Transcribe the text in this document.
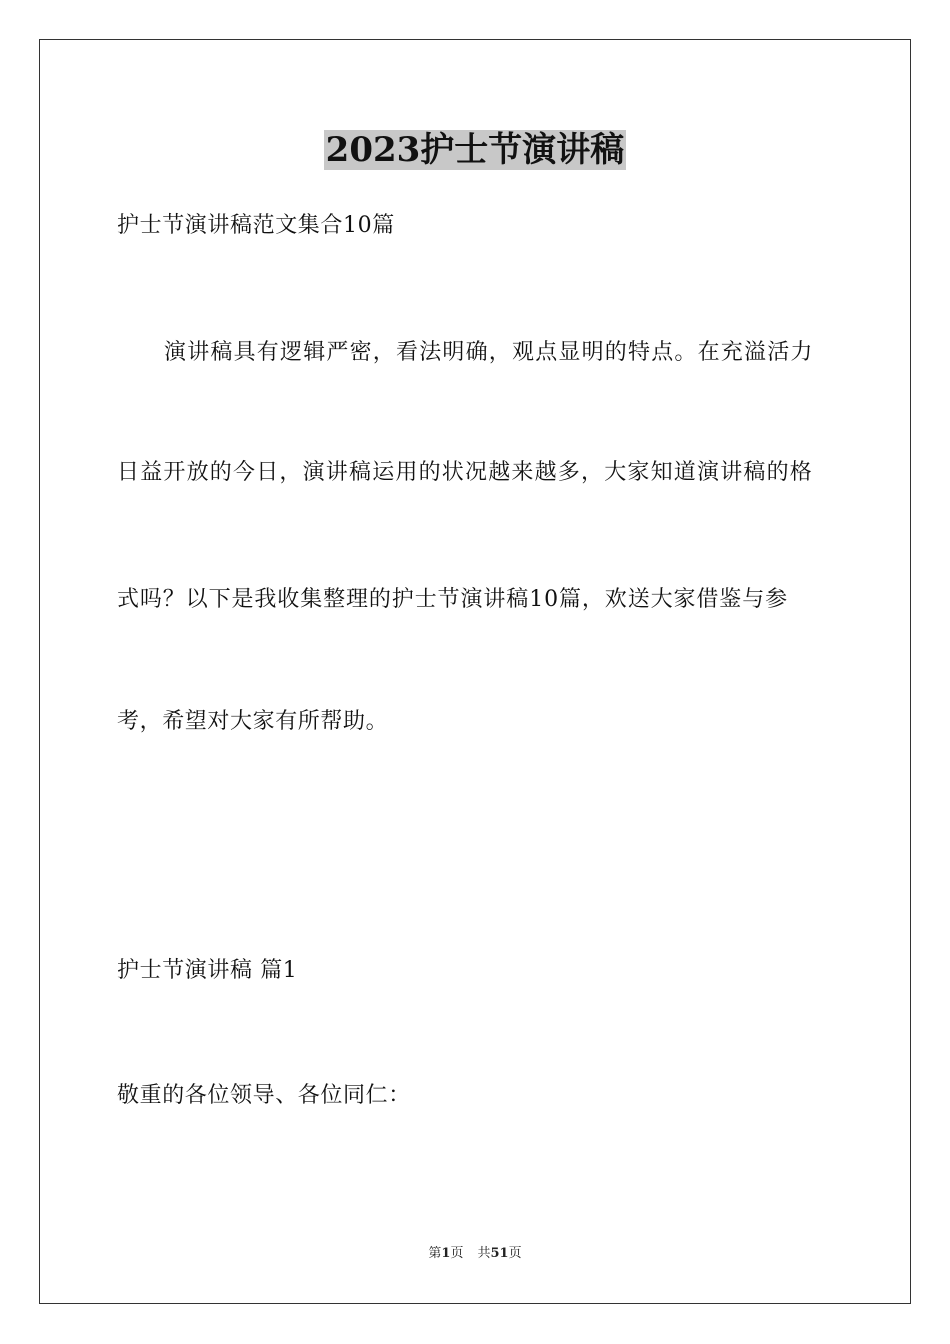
2023护士节演讲稿
护士节演讲稿范文集合10篇
演讲稿具有逻辑严密，看法明确，观点显明的特点。在充溢活力
日益开放的今日，演讲稿运用的状况越来越多，大家知道演讲稿的格
式吗？以下是我收集整理的护士节演讲稿10篇，欢送大家借鉴与参
考，希望对大家有所帮助。
护士节演讲稿 篇1
敬重的各位领导、各位同仁：
第1页 共51页
